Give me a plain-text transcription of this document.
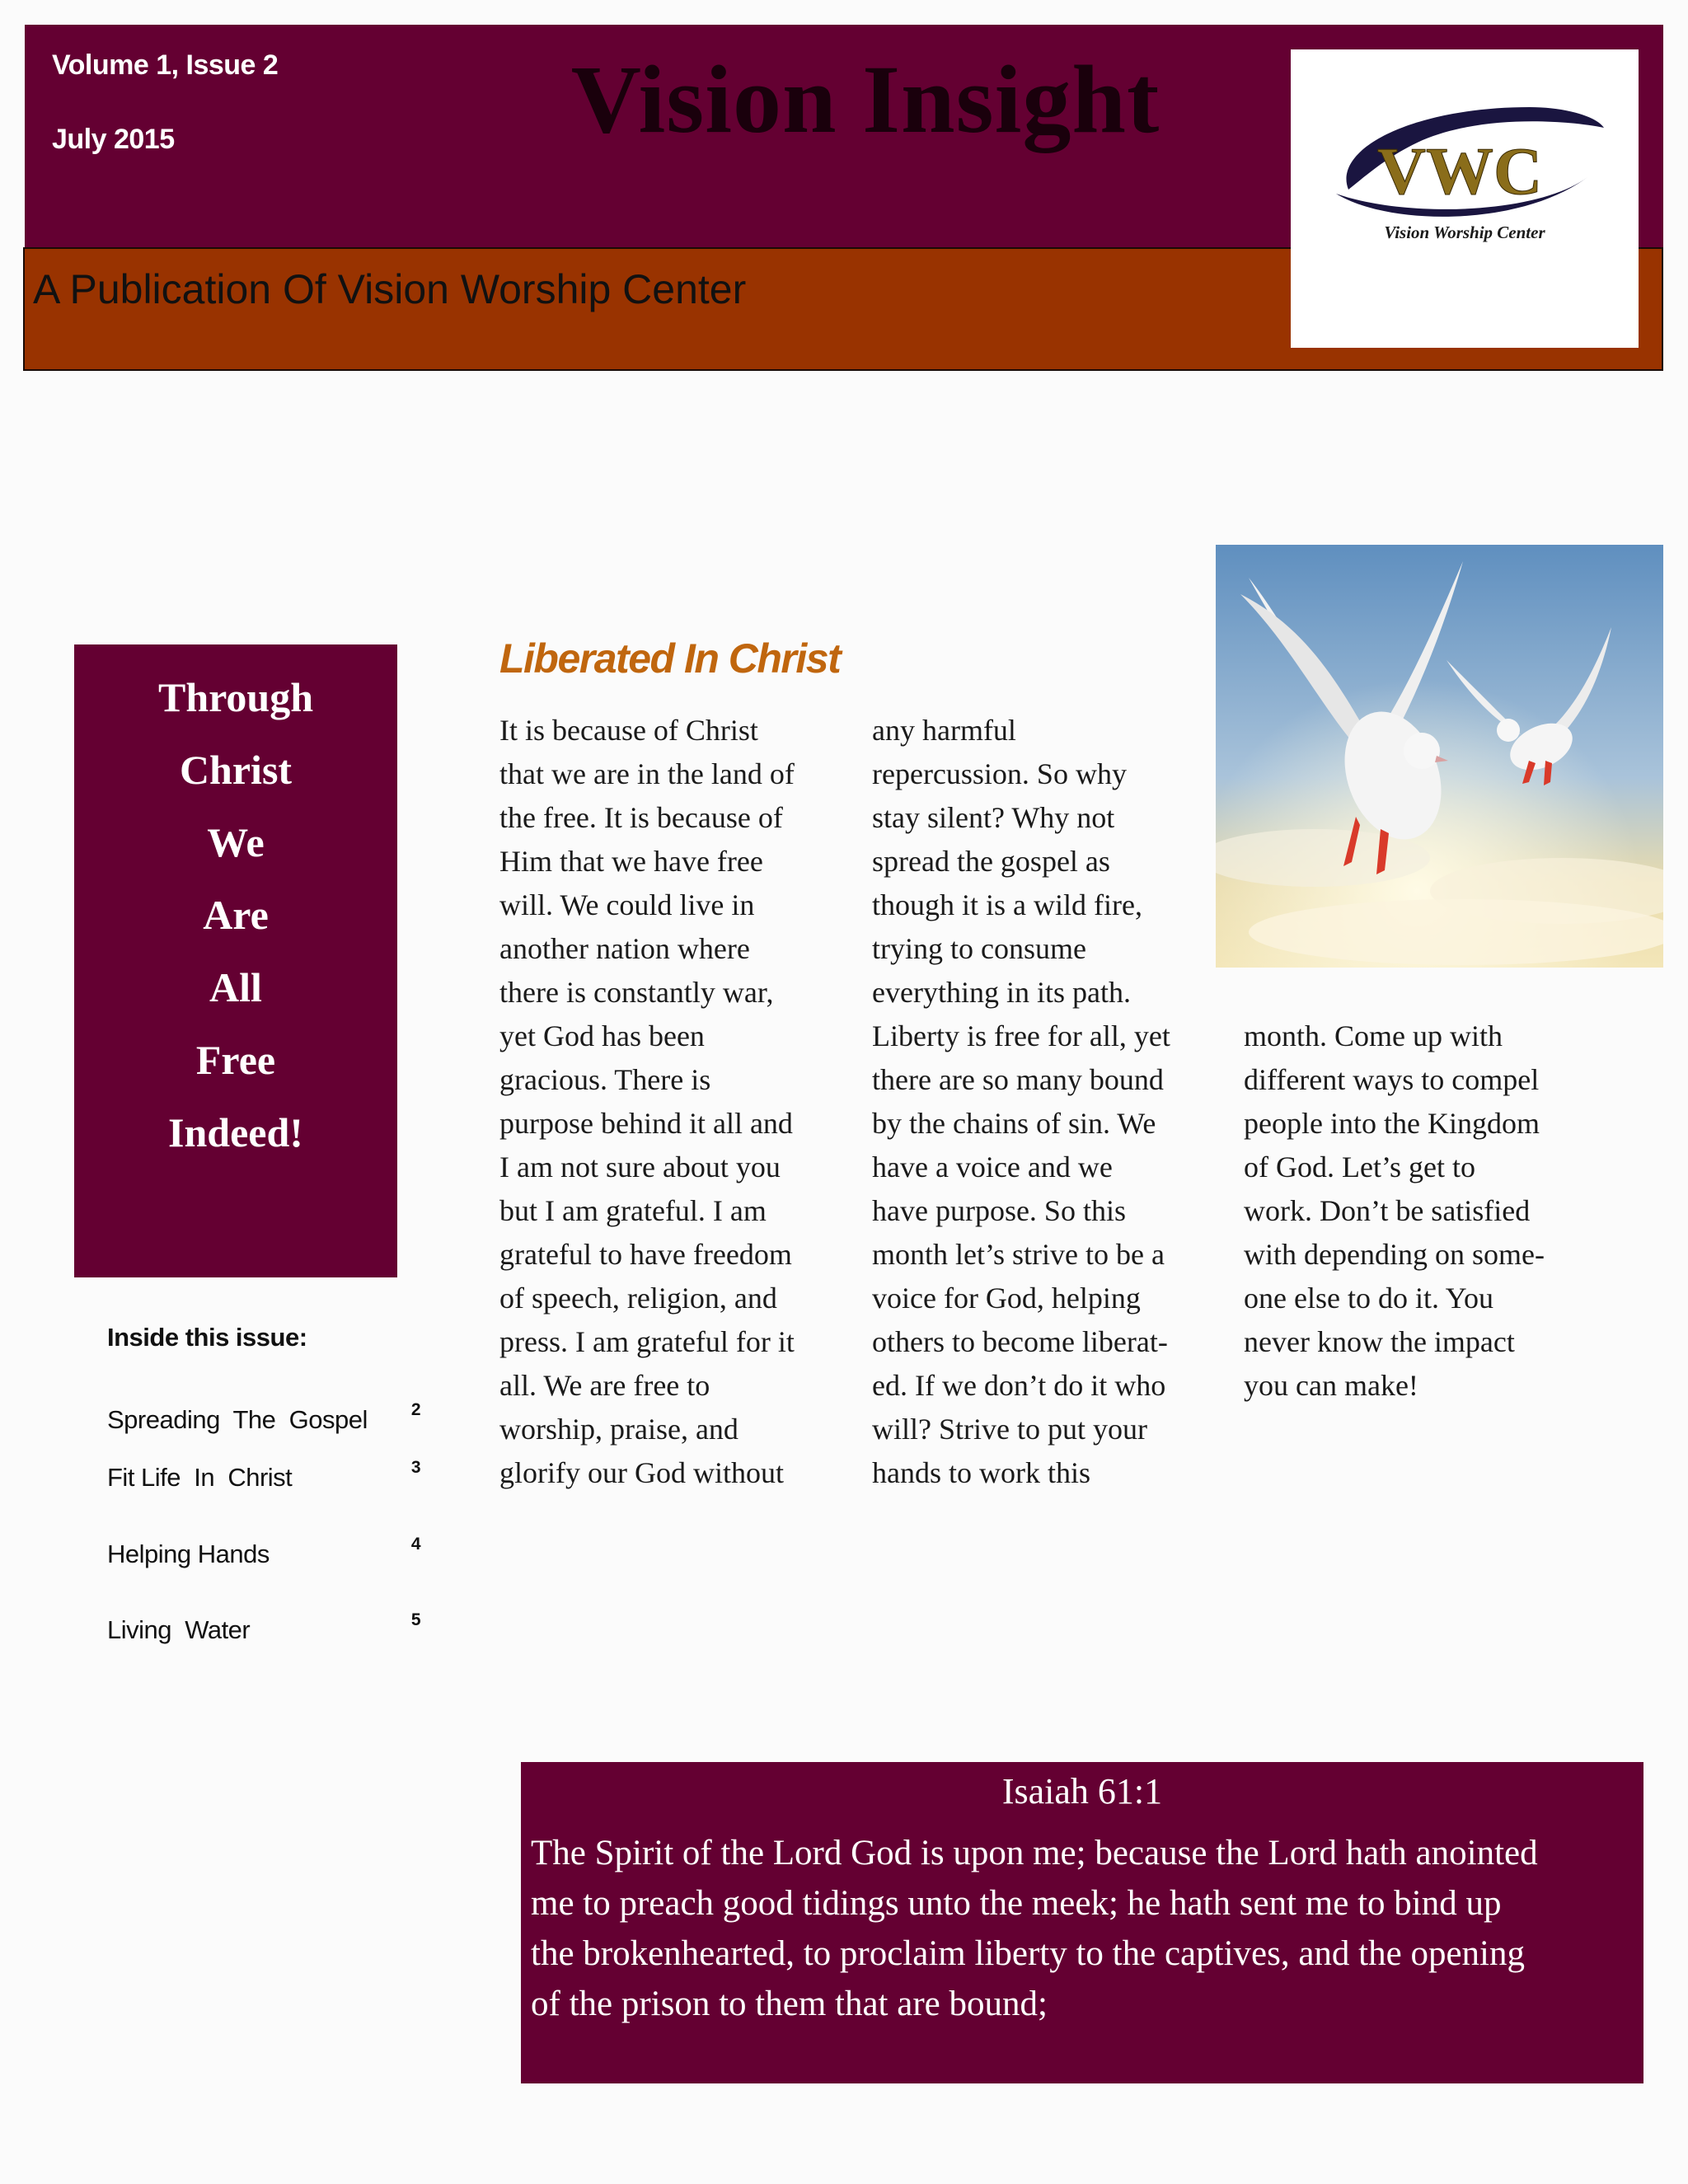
Volume 1, Issue 2
July 2015	Vision Insight
A Publication Of Vision Worship Center
VWC
Vision Worship Center
Through
Christ
We
Are
All
Free
Indeed!
Inside this issue:
Spreading  The  Gospel	2
Fit Life  In  Christ	3
Helping Hands	4
Living  Water	5
Liberated In Christ
It is because of Christ
that we are in the land of
the free. It is because of
Him that we have free
will. We could live in
another nation where
there is constantly war,
yet God has been
gracious. There is
purpose behind it all and
I am not sure about you
but I am grateful. I am
grateful to have freedom
of speech, religion, and
press. I am grateful for it
all. We are free to
worship, praise, and
glorify our God without
any harmful
repercussion. So why
stay silent? Why not
spread the gospel as
though it is a wild fire,
trying to consume
everything in its path.
Liberty is free for all, yet
there are so many bound
by the chains of sin. We
have a voice and we
have purpose. So this
month let’s strive to be a
voice for God, helping
others to become liberat-
ed. If we don’t do it who
will? Strive to put your
hands to work this
month. Come up with
different ways to compel
people into the Kingdom
of God. Let’s get to
work. Don’t be satisfied
with depending on some-
one else to do it. You
never know the impact
you can make!
Isaiah 61:1
The Spirit of the Lord God is upon me; because the Lord hath anointed
me to preach good tidings unto the meek; he hath sent me to bind up
the brokenhearted, to proclaim liberty to the captives, and the opening
of the prison to them that are bound;
